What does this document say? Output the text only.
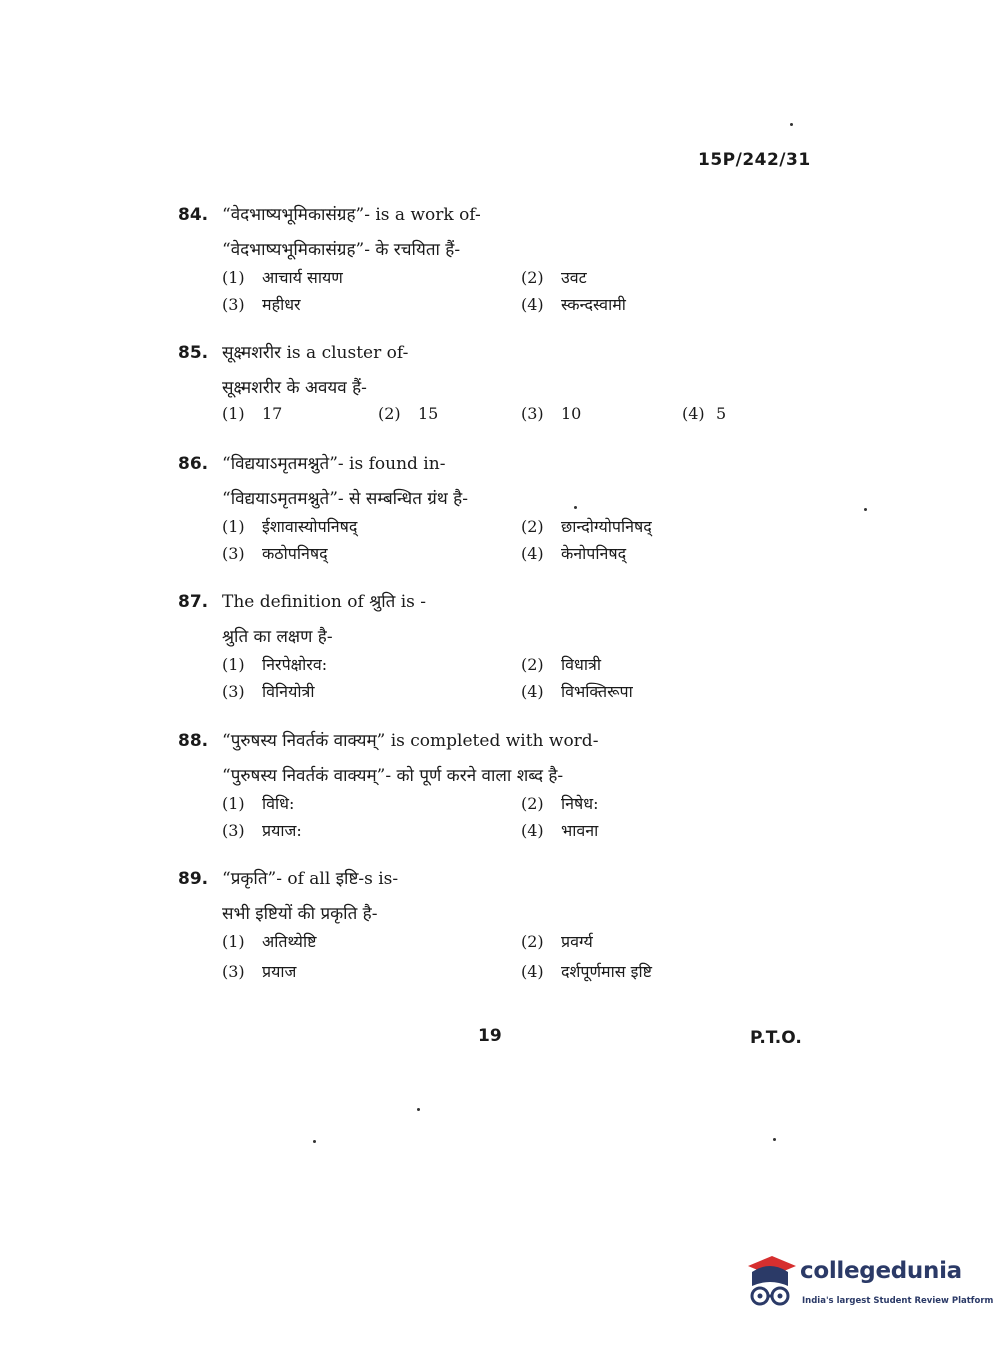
15P/242/31
84. “वेदभाष्यभूमिकासंग्रह”- is a work of-
“वेदभाष्यभूमिकासंग्रह”- के रचयिता हैं-
(1) आचार्य सायण	(2) उवट
(3) महीधर	(4) स्कन्दस्वामी
85. सूक्ष्मशरीर is a cluster of-
सूक्ष्मशरीर के अवयव हैं-
(1) 17	(2) 15	(3) 10	(4) 5
86. “विद्ययाऽमृतमश्नुते”- is found in-
“विद्ययाऽमृतमश्नुते”- से सम्बन्धित ग्रंथ है-
(1) ईशावास्योपनिषद्	(2) छान्दोग्योपनिषद्
(3) कठोपनिषद्	(4) केनोपनिषद्
87. The definition of श्रुति is -
श्रुति का लक्षण है-
(1) निरपेक्षोरव:	(2) विधात्री
(3) विनियोत्री	(4) विभक्तिरूपा
88. “पुरुषस्य निवर्तकं वाक्यम्” is completed with word-
“पुरुषस्य निवर्तकं वाक्यम्”- को पूर्ण करने वाला शब्द है-
(1) विधि:	(2) निषेध:
(3) प्रयाज:	(4) भावना
89. “प्रकृति”- of all इष्टि-s is-
सभी इष्टियों की प्रकृति है-
(1) अतिथ्येष्टि	(2) प्रवर्ग्य
(3) प्रयाज	(4) दर्शपूर्णमास इष्टि
19	P.T.O.
collegedunia
India's largest Student Review Platform
